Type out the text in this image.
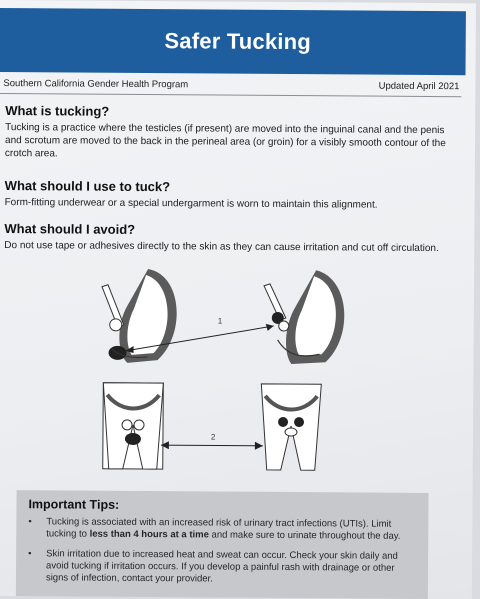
Safer Tucking
Southern California Gender Health Program	Updated April 2021
What is tucking?

Tucking is a practice where the testicles (if present) are moved into the inguinal canal and the penis and scrotum are moved to the back in the perineal area (or groin) for a visibly smooth contour of the crotch area.

What should I use to tuck?

Form-fitting underwear or a special undergarment is worn to maintain this alignment.

What should I avoid?

Do not use tape or adhesives directly to the skin as they can cause irritation and cut off circulation.

1
2
Important Tips:
•	Tucking is associated with an increased risk of urinary tract infections (UTIs). Limit tucking to less than 4 hours at a time and make sure to urinate throughout the day.
•	Skin irritation due to increased heat and sweat can occur. Check your skin daily and avoid tucking if irritation occurs. If you develop a painful rash with drainage or other signs of infection, contact your provider.
